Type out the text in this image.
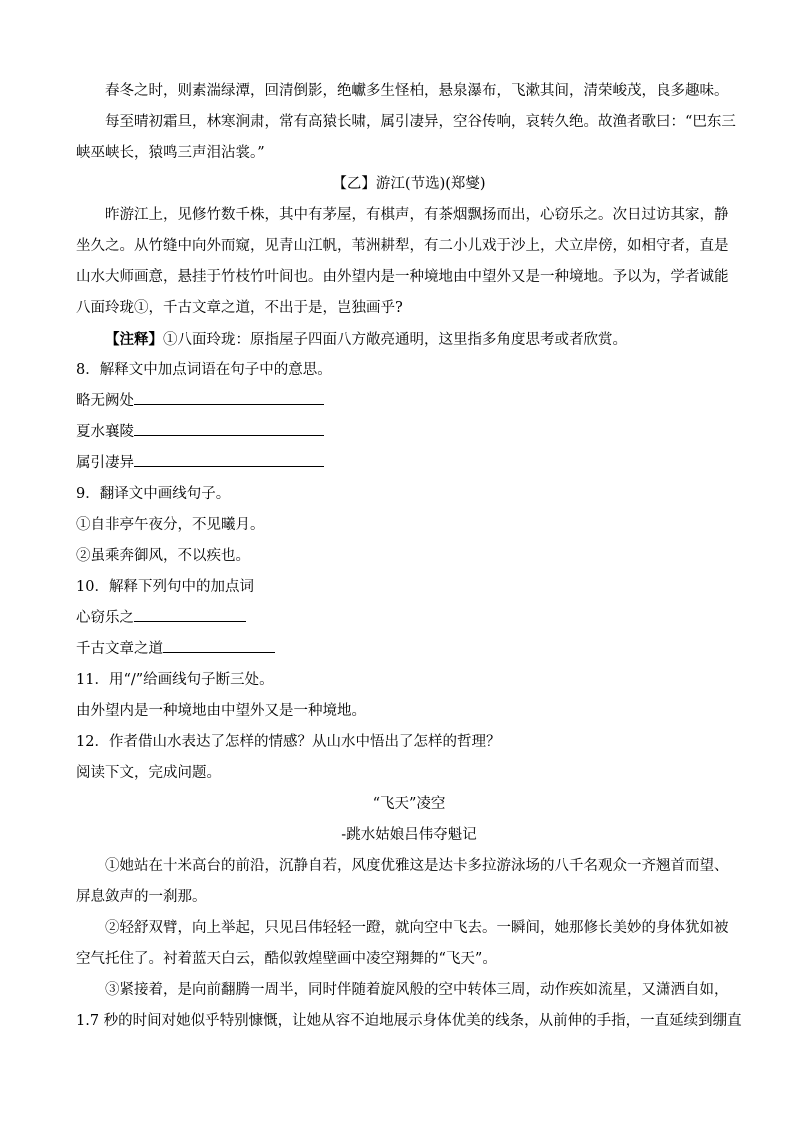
春冬之时，则素湍绿潭，回清倒影，绝巘多生怪柏，悬泉瀑布，飞漱其间，清荣峻茂，良多趣味。
每至晴初霜旦，林寒涧肃，常有高猿长啸，属引凄异，空谷传响，哀转久绝。故渔者歌曰：“巴东三
峡巫峡长，猿鸣三声泪沾裳。”
【乙】游江(节选)(郑燮)
昨游江上，见修竹数千株，其中有茅屋，有棋声，有茶烟飘扬而出，心窃乐之。次日过访其家，静
坐久之。从竹缝中向外而窥，见青山江帆，苇洲耕犁，有二小儿戏于沙上，犬立岸傍，如相守者，直是
山水大师画意，悬挂于竹枝竹叶间也。由外望内是一种境地由中望外又是一种境地。予以为，学者诚能
八面玲珑①，千古文章之道，不出于是，岂独画乎?
【注释】①八面玲珑：原指屋子四面八方敞亮通明，这里指多角度思考或者欣赏。
8．解释文中加点词语在句子中的意思。
略无阙处
夏水襄陵
属引凄异
9．翻译文中画线句子。
①自非亭午夜分，不见曦月。
②虽乘奔御风，不以疾也。
10．解释下列句中的加点词
心窃乐之
千古文章之道
11．用“/”给画线句子断三处。
由外望内是一种境地由中望外又是一种境地。
12．作者借山水表达了怎样的情感？从山水中悟出了怎样的哲理？
阅读下文，完成问题。
“飞天”凌空
-跳水姑娘吕伟夺魁记
①她站在十米高台的前沿，沉静自若，风度优雅这是达卡多拉游泳场的八千名观众一齐翘首而望、
屏息敛声的一刹那。
②轻舒双臂，向上举起，只见吕伟轻轻一蹬，就向空中飞去。一瞬间，她那修长美妙的身体犹如被
空气托住了。衬着蓝天白云，酷似敦煌壁画中凌空翔舞的“飞天”。
③紧接着，是向前翻腾一周半，同时伴随着旋风般的空中转体三周，动作疾如流星，又潇洒自如，
1.7 秒的时间对她似乎特别慷慨，让她从容不迫地展示身体优美的线条，从前伸的手指，一直延续到绷直
